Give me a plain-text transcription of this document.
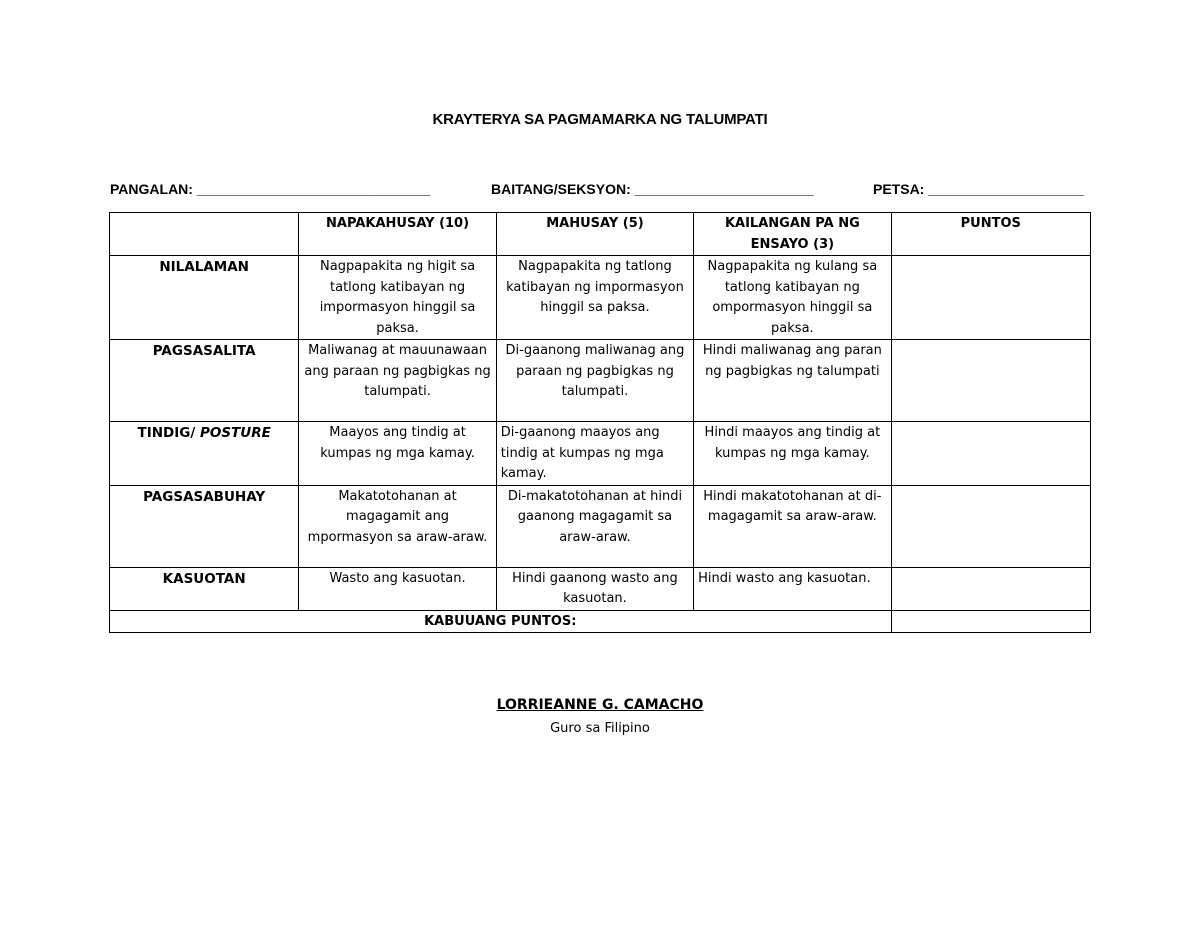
KRAYTERYA SA PAGMAMARKA NG TALUMPATI
PANGALAN: ______________________________	BAITANG/SEKSYON: _______________________	PETSA: ____________________
	NAPAKAHUSAY (10)	MAHUSAY (5)	KAILANGAN PA NG ENSAYO (3)	PUNTOS
NILALAMAN	Nagpapakita ng higit sa tatlong katibayan ng impormasyon hinggil sa paksa.	Nagpapakita ng tatlong katibayan ng impormasyon hinggil sa paksa.	Nagpapakita ng kulang sa tatlong katibayan ng ompormasyon hinggil sa paksa.	
PAGSASALITA	Maliwanag at mauunawaan ang paraan ng pagbigkas ng talumpati.	Di-gaanong maliwanag ang paraan ng pagbigkas ng talumpati.	Hindi maliwanag ang paran ng pagbigkas ng talumpati	
TINDIG/ POSTURE	Maayos ang tindig at kumpas ng mga kamay.	Di-gaanong maayos ang tindig at kumpas ng mga kamay.	Hindi maayos ang tindig at kumpas ng mga kamay.	
PAGSASABUHAY	Makatotohanan at magagamit ang mpormasyon sa araw-araw.	Di-makatotohanan at hindi gaanong magagamit sa araw-araw.	Hindi makatotohanan at di-magagamit sa araw-araw.	
KASUOTAN	Wasto ang kasuotan.	Hindi gaanong wasto ang kasuotan.	Hindi wasto ang kasuotan.	
KABUUANG PUNTOS:				
LORRIEANNE G. CAMACHO
Guro sa Filipino
